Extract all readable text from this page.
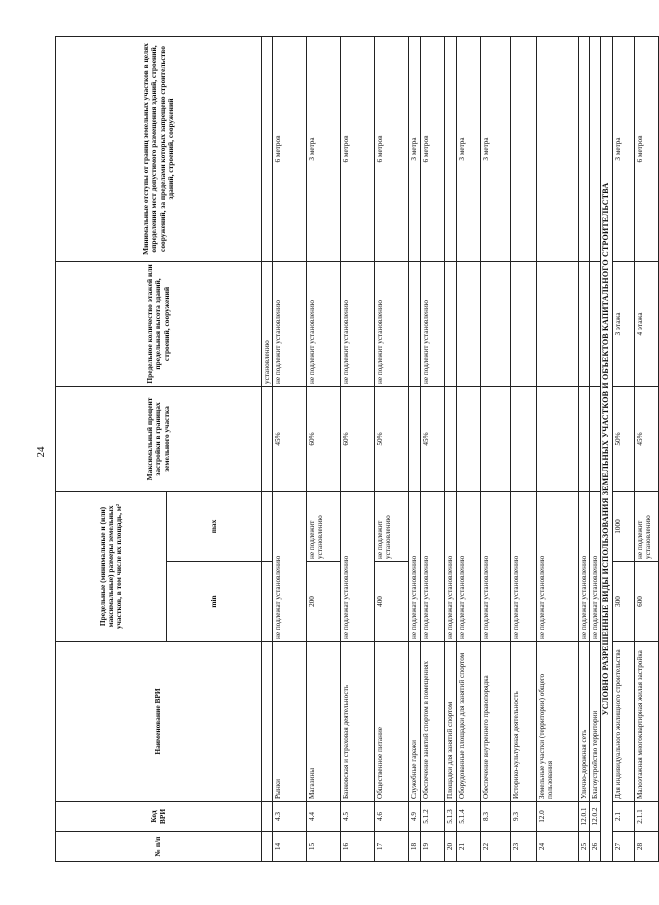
24
№ п/п	Код ВРИ	Наименование ВРИ	Предельные (минимальные и (или) максимальные) размеры земельных участков, в том числе их площадь, м²		Максимальный процент застройки в границах земельного участка	Предельное количество этажей или предельная высота зданий, строений, сооружений	Минимальные отступы от границ земельных участков в целях определения мест допустимого размещения зданий, строений, сооружений, за пределами которых запрещено строительство зданий, строений, сооружений
			min	max			
						установлению	
14	4.3	Рынки	не подлежат установлению		45%	не подлежит установлению	6 метров
15	4.4	Магазины	200	не подлежит установлению	60%	не подлежит установлению	3 метра
16	4.5	Банковская и страховая деятельность	не подлежат установлению		60%	не подлежит установлению	6 метров
17	4.6	Общественное питание	400	не подлежит установлению	50%	не подлежит установлению	6 метров
18	4.9	Служебные гаражи	не подлежат установлению				3 метра
19	5.1.2	Обеспечение занятий спортом в помещениях	не подлежат установлению		45%	не подлежит установлению	6 метров
20	5.1.3	Площадки для занятий спортом	не подлежат установлению				
21	5.1.4	Оборудованные площадки для занятий спортом	не подлежат установлению				3 метра
22	8.3	Обеспечение внутреннего правопорядка	не подлежат установлению				3 метра
23	9.3	Историко-культурная деятельность	не подлежат установлению				
24	12.0	Земельные участки (территории) общего пользования	не подлежат установлению				
25	12.0.1	Улично-дорожная сеть	не подлежат установлению				
26	12.0.2	Благоустройство территории	не подлежат установлению				
УСЛОВНО РАЗРЕШЕННЫЕ ВИДЫ ИСПОЛЬЗОВАНИЯ ЗЕМЕЛЬНЫХ УЧАСТКОВ И ОБЪЕКТОВ КАПИТАЛЬНОГО СТРОИТЕЛЬСТВА							
27	2.1	Для индивидуального жилищного строительства	300	1000	50%	3 этажа	3 метра
28	2.1.1	Малоэтажная многоквартирная жилая застройка	600	не подлежит установлению	45%	4 этажа	6 метров
